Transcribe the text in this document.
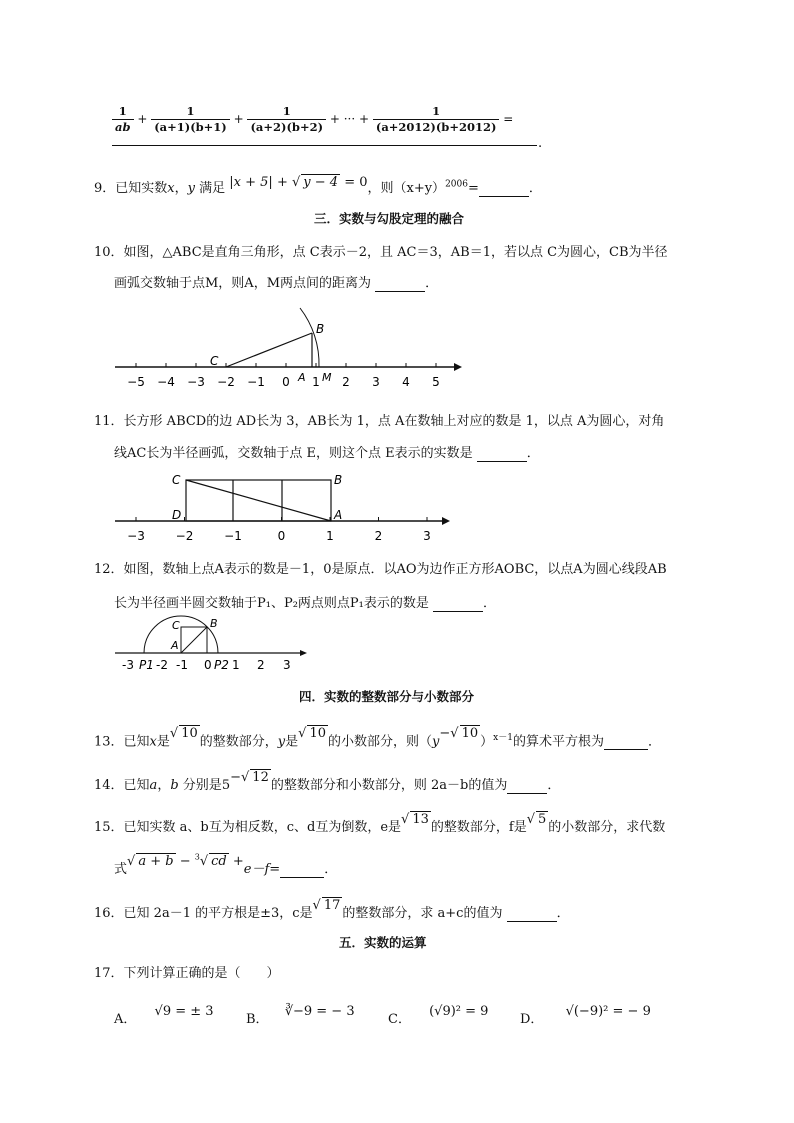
$\frac{1}{ab} + \frac{1}{(a+1)(b+1)} + \frac{1}{(a+2)(b+2)}$ + ··· + $\frac{1}{(a+2012)(b+2012)}$ =
.
9．已知实数x，y 满足 |x + 5| + √ y − 4 = 0，则$(x+y)^{2006}=$	．
三．实数与勾股定理的融合
10．如图，△ABC是直角三角形，点 C表示－2，且 AC＝3，AB＝1，若以点 C为圆心，CB为半径
画弧交数轴于点M，则A，M两点间的距离为	．
−5 −4 −3 −2 −1 0 1 2 3 4 5
C
B
A M
11．长方形 ABCD的边 AD长为 3，AB长为 1，点 A在数轴上对应的数是 1，以点 A为圆心，对角
线AC长为半径画弧，交数轴于点 E，则这个点 E表示的实数是	．
−3	−2	−1	0	1	2	3
C	B
D	A
12．如图，数轴上点A表示的数是－1，0是原点．以AO为边作正方形AOBC，以点A为圆心线段AB
长为半径画半圆交数轴于P₁、P₂两点则点P₁表示的数是	．
C	B
A
-3 P1 -2 -1 0 P2 1 2 3
四．实数的整数部分与小数部分
13．已知x是√ 10的整数部分，y是√ 10的小数部分，则（y−√ 10）$^{x-1}$的算术平方根为	．
14．已知a，b 分别是5−√ 12的整数部分和小数部分，则 2a－b的值为	．
15．已知实数 a、b互为相反数，c、d互为倒数，e是√ 13的整数部分，f是√ 5的小数部分，求代数
式√ a + b − $^3$√ cd +e－f=	．
16．已知 2a－1 的平方根是±3，c是√ 17的整数部分，求 a+c的值为	．
五．实数的运算
17．下列计算正确的是（　　）
A． √9 = ± 3
B． ∛−9 = − 3
C． (√9)² = 9
D． √(−9)² = − 9
